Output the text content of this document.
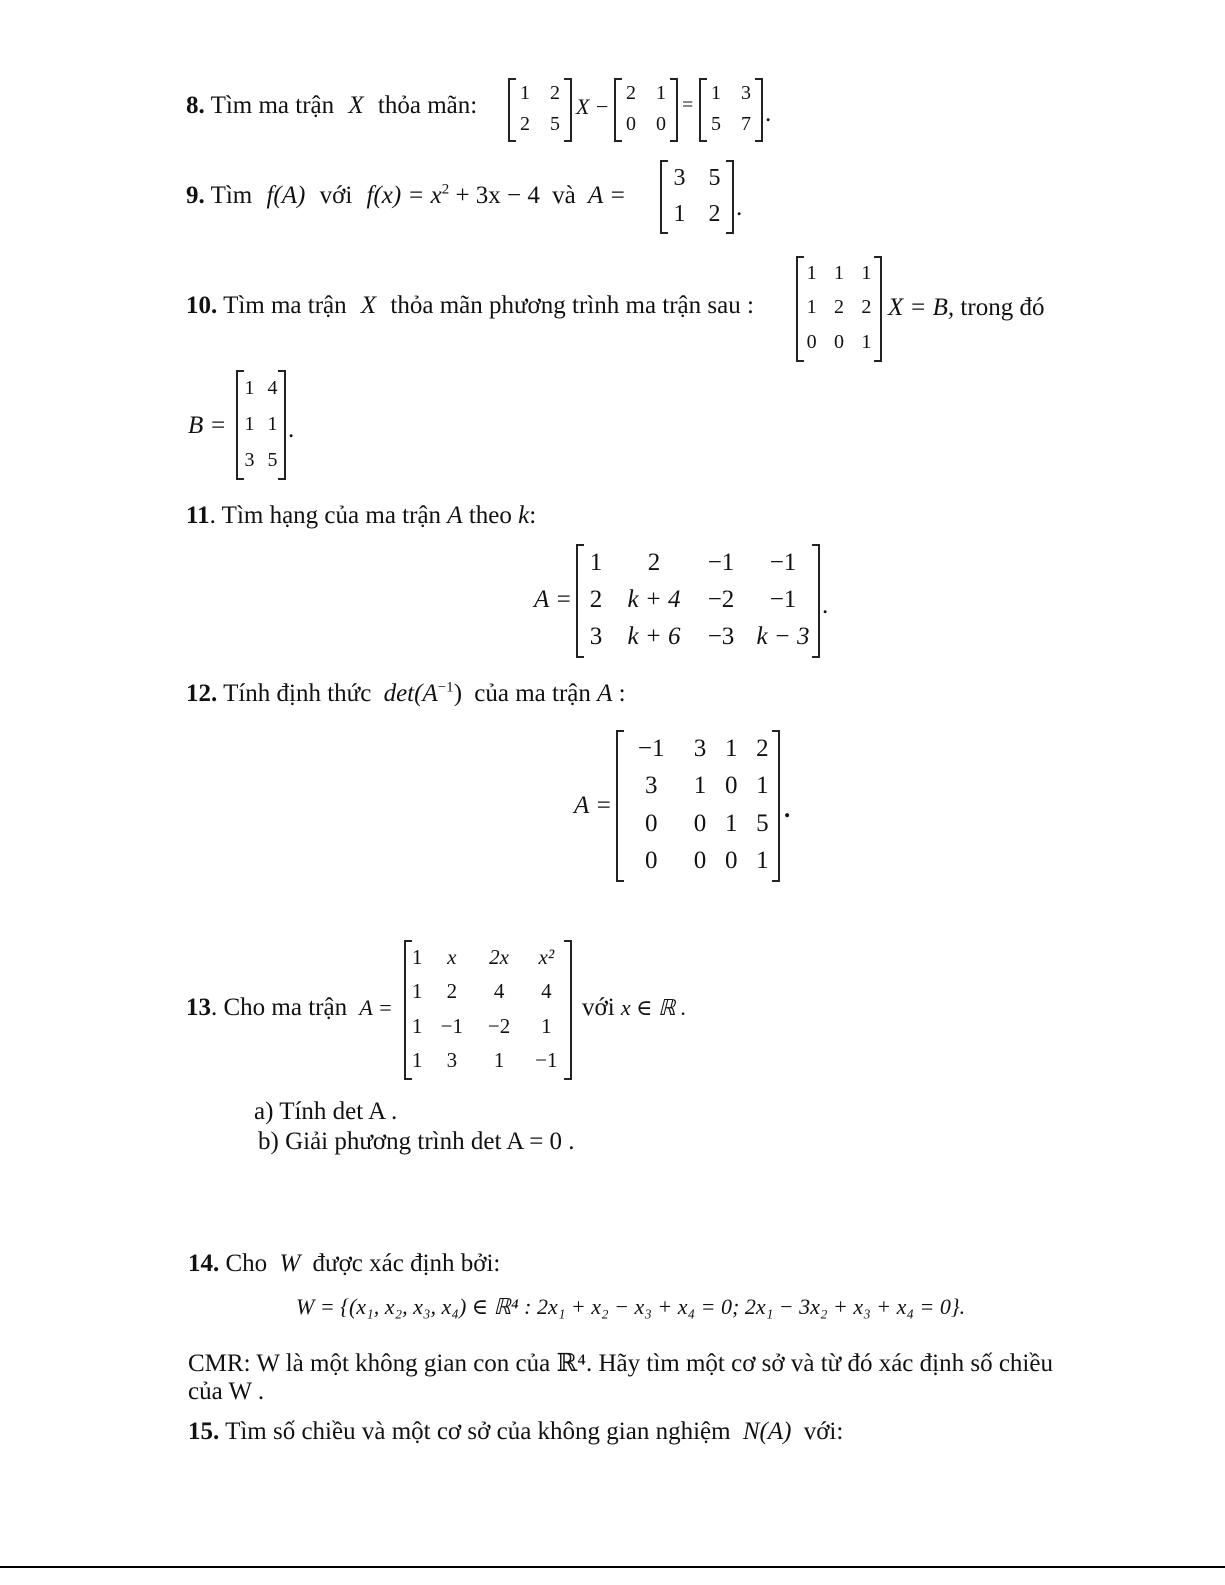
8. Tìm ma trận X thỏa mãn: 1	2
2	5
X −
2	1
0	0
=
1	3
5	7 .
9. Tìm f(A) với $f(x) = x^2 + 3x - 4$ và A =
3	5
1	2 .
10. Tìm ma trận X thỏa mãn phương trình ma trận sau :
1	1	1
1	2	2
0	0	1
X = B, trong đó
B =
1	4
1	1
3	5
.
11. Tìm hạng của ma trận A theo k:
A =
1	2	−1	−1
2	k + 4	−2	−1
3	k + 6	−3	k − 3
.
12. Tính định thức $\det(A^{-1})$ của ma trận A :
A =
−1	3	1	2
3	1	0	1
0	0	1	5
0	0	0	1
.
13. Cho ma trận A =
1	x	2x	x²
1	2	4	4
1	−1	−2	1
1	3	1	−1
với x ∈ ℝ .
a) Tính det A .
b) Giải phương trình det A = 0 .
14. Cho W được xác định bởi:
W = {(x₁, x₂, x₃, x₄) ∈ ℝ⁴ : 2x₁ + x₂ − x₃ + x₄ = 0; 2x₁ − 3x₂ + x₃ + x₄ = 0}.
CMR: W là một không gian con của ℝ⁴. Hãy tìm một cơ sở và từ đó xác định số chiều
của W .
15. Tìm số chiều và một cơ sở của không gian nghiệm N(A) với:
